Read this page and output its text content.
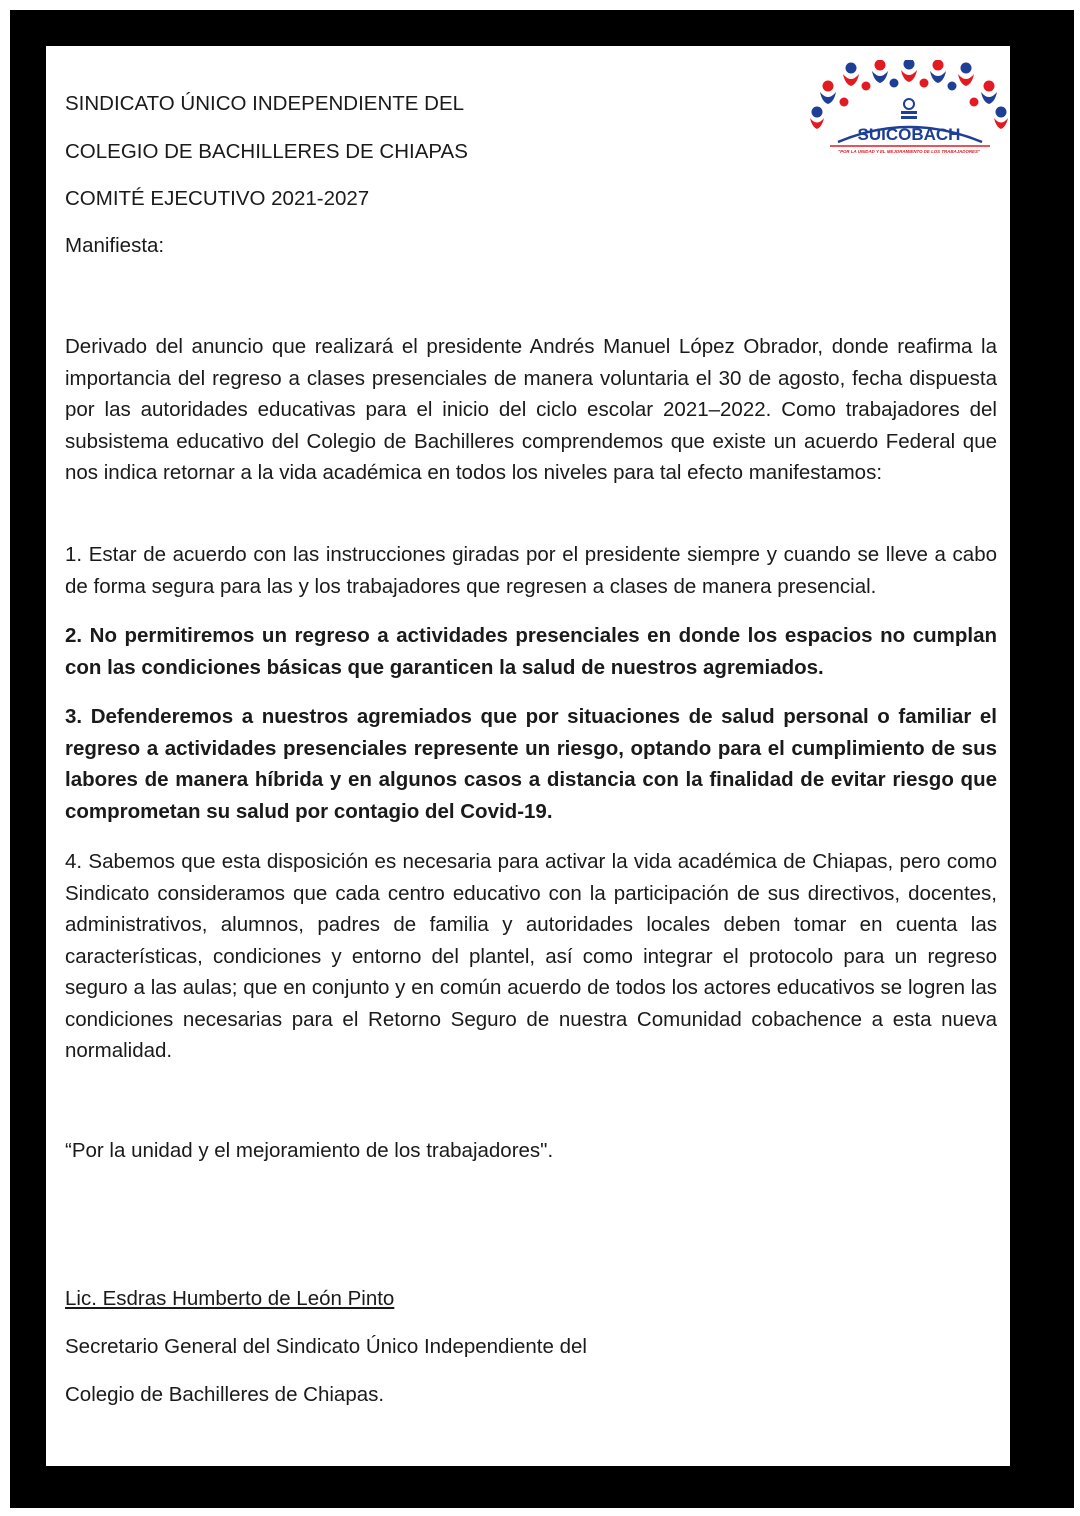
SINDICATO ÚNICO INDEPENDIENTE DEL
COLEGIO DE BACHILLERES DE CHIAPAS
COMITÉ EJECUTIVO 2021-2027
Manifiesta:
Derivado del anuncio que realizará el presidente Andrés Manuel López Obrador, donde reafirma la importancia del regreso a clases presenciales de manera voluntaria el 30 de agosto, fecha dispuesta por las autoridades educativas para el inicio del ciclo escolar 2021–2022. Como trabajadores del subsistema educativo del Colegio de Bachilleres comprendemos que existe un acuerdo Federal que nos indica retornar a la vida académica en todos los niveles para tal efecto manifestamos:
1. Estar de acuerdo con las instrucciones giradas por el presidente siempre y cuando se lleve a cabo de forma segura para las y los trabajadores que regresen a clases de manera presencial.
2. No permitiremos un regreso a actividades presenciales en donde los espacios no cumplan con las condiciones básicas que garanticen la salud de nuestros agremiados.
3. Defenderemos a nuestros agremiados que por situaciones de salud personal o familiar el regreso a actividades presenciales represente un riesgo, optando para el cumplimiento de sus labores de manera híbrida y en algunos casos a distancia con la finalidad de evitar riesgo que comprometan su salud por contagio del Covid-19.
4. Sabemos que esta disposición es necesaria para activar la vida académica de Chiapas, pero como Sindicato consideramos que cada centro educativo con la participación de sus directivos, docentes, administrativos, alumnos, padres de familia y autoridades locales deben tomar en cuenta las características, condiciones y entorno del plantel, así como integrar el protocolo para un regreso seguro a las aulas; que en conjunto y en común acuerdo de todos los actores educativos se logren las condiciones necesarias para el Retorno Seguro de nuestra Comunidad cobachence a esta nueva normalidad.
“Por la unidad y el mejoramiento de los trabajadores".
Lic. Esdras Humberto de León Pinto
Secretario General del Sindicato Único Independiente del
Colegio de Bachilleres de Chiapas.
SUICOBACH
"POR LA UNIDAD Y EL MEJORAMIENTO DE LOS TRABAJADORES"
